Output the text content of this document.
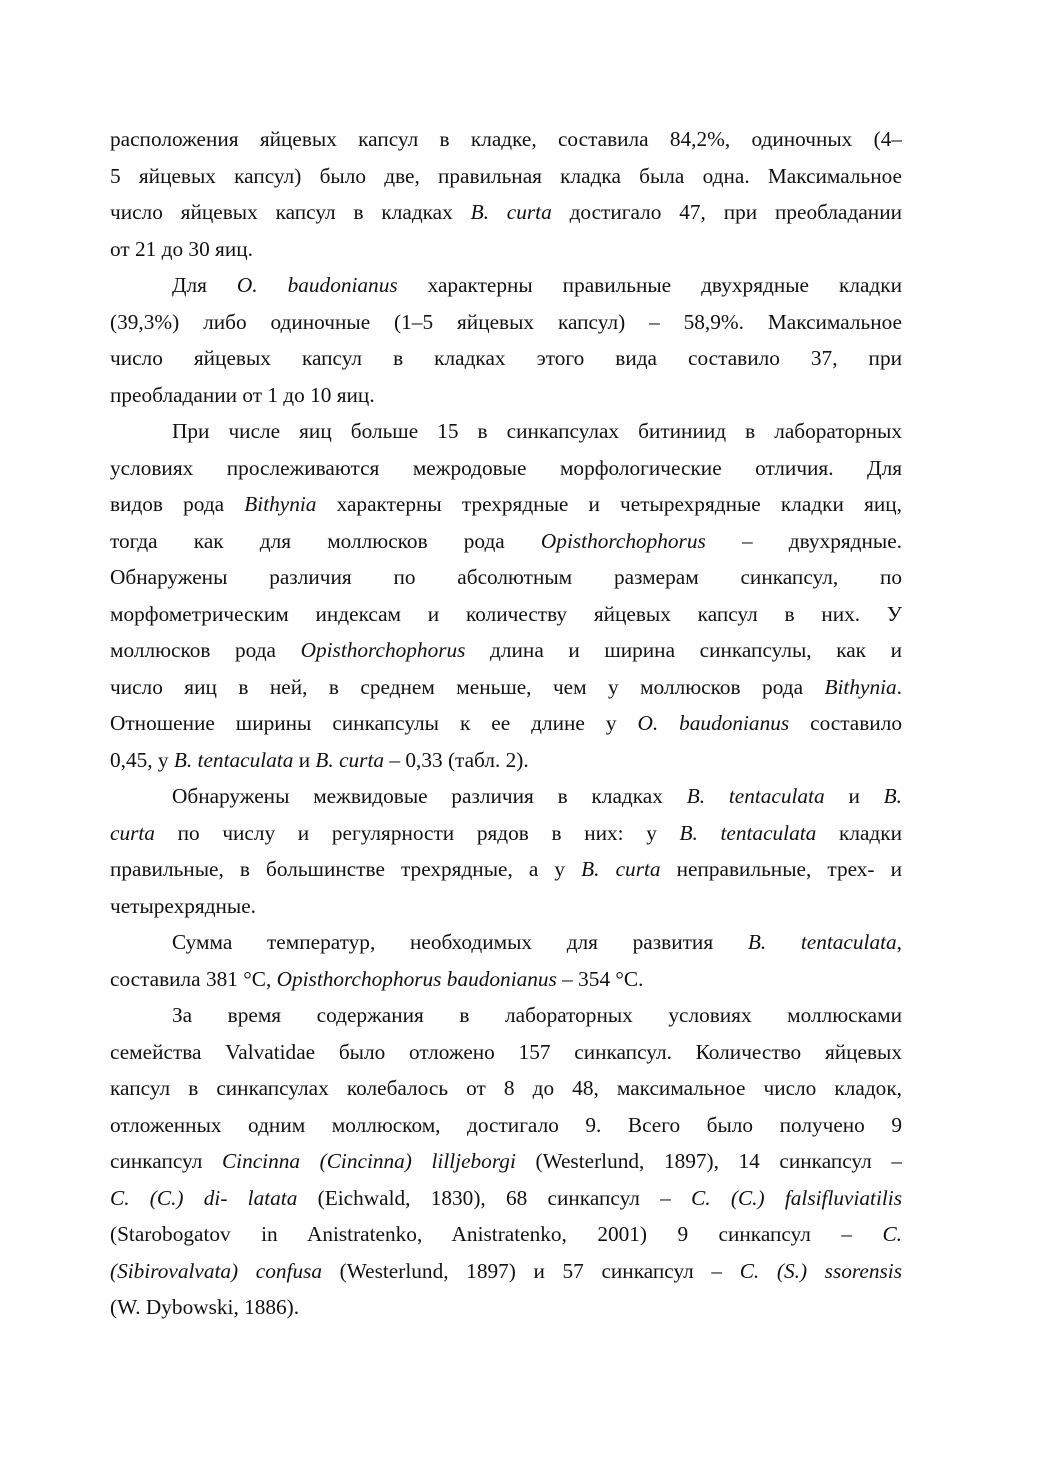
расположения яйцевых капсул в кладке, составила 84,2%, одиночных (4–
5 яйцевых капсул) было две, правильная кладка была одна. Максимальное
число яйцевых капсул в кладках B. curta достигало 47, при преобладании
от 21 до 30 яиц.
Для O. baudonianus характерны правильные двухрядные кладки
(39,3%) либо одиночные (1–5 яйцевых капсул) – 58,9%. Максимальное
число яйцевых капсул в кладках этого вида составило 37, при
преобладании от 1 до 10 яиц.
При числе яиц больше 15 в синкапсулах битиниид в лабораторных
условиях прослеживаются межродовые морфологические отличия. Для
видов рода Bithynia характерны трехрядные и четырехрядные кладки яиц,
тогда как для моллюсков рода Opisthorchophorus – двухрядные.
Обнаружены различия по абсолютным размерам синкапсул, по
морфометрическим индексам и количеству яйцевых капсул в них. У
моллюсков рода Opisthorchophorus длина и ширина синкапсулы, как и
число яиц в ней, в среднем меньше, чем у моллюсков рода Bithynia.
Отношение ширины синкапсулы к ее длине у O. baudonianus составило
0,45, у B. tentaculata и B. curta – 0,33 (табл. 2).
Обнаружены межвидовые различия в кладках B. tentaculata и B.
curta по числу и регулярности рядов в них: у B. tentaculata кладки
правильные, в большинстве трехрядные, а у B. curta неправильные, трех- и
четырехрядные.
Сумма температур, необходимых для развития B. tentaculata,
составила 381 °С, Opisthorchophorus baudonianus – 354 °С.
За время содержания в лабораторных условиях моллюсками
семейства Valvatidae было отложено 157 синкапсул. Количество яйцевых
капсул в синкапсулах колебалось от 8 до 48, максимальное число кладок,
отложенных одним моллюском, достигало 9. Всего было получено 9
синкапсул Cincinna (Cincinna) lilljeborgi (Westerlund, 1897), 14 синкапсул –
C. (C.) di- latata (Eichwald, 1830), 68 синкапсул – C. (C.) falsifluviatilis
(Starobogatov in Anistratenko, Anistratenko, 2001) 9 синкапсул – C.
(Sibirovalvata) confusa (Westerlund, 1897) и 57 синкапсул – C. (S.) ssorensis
(W. Dybowski, 1886).
